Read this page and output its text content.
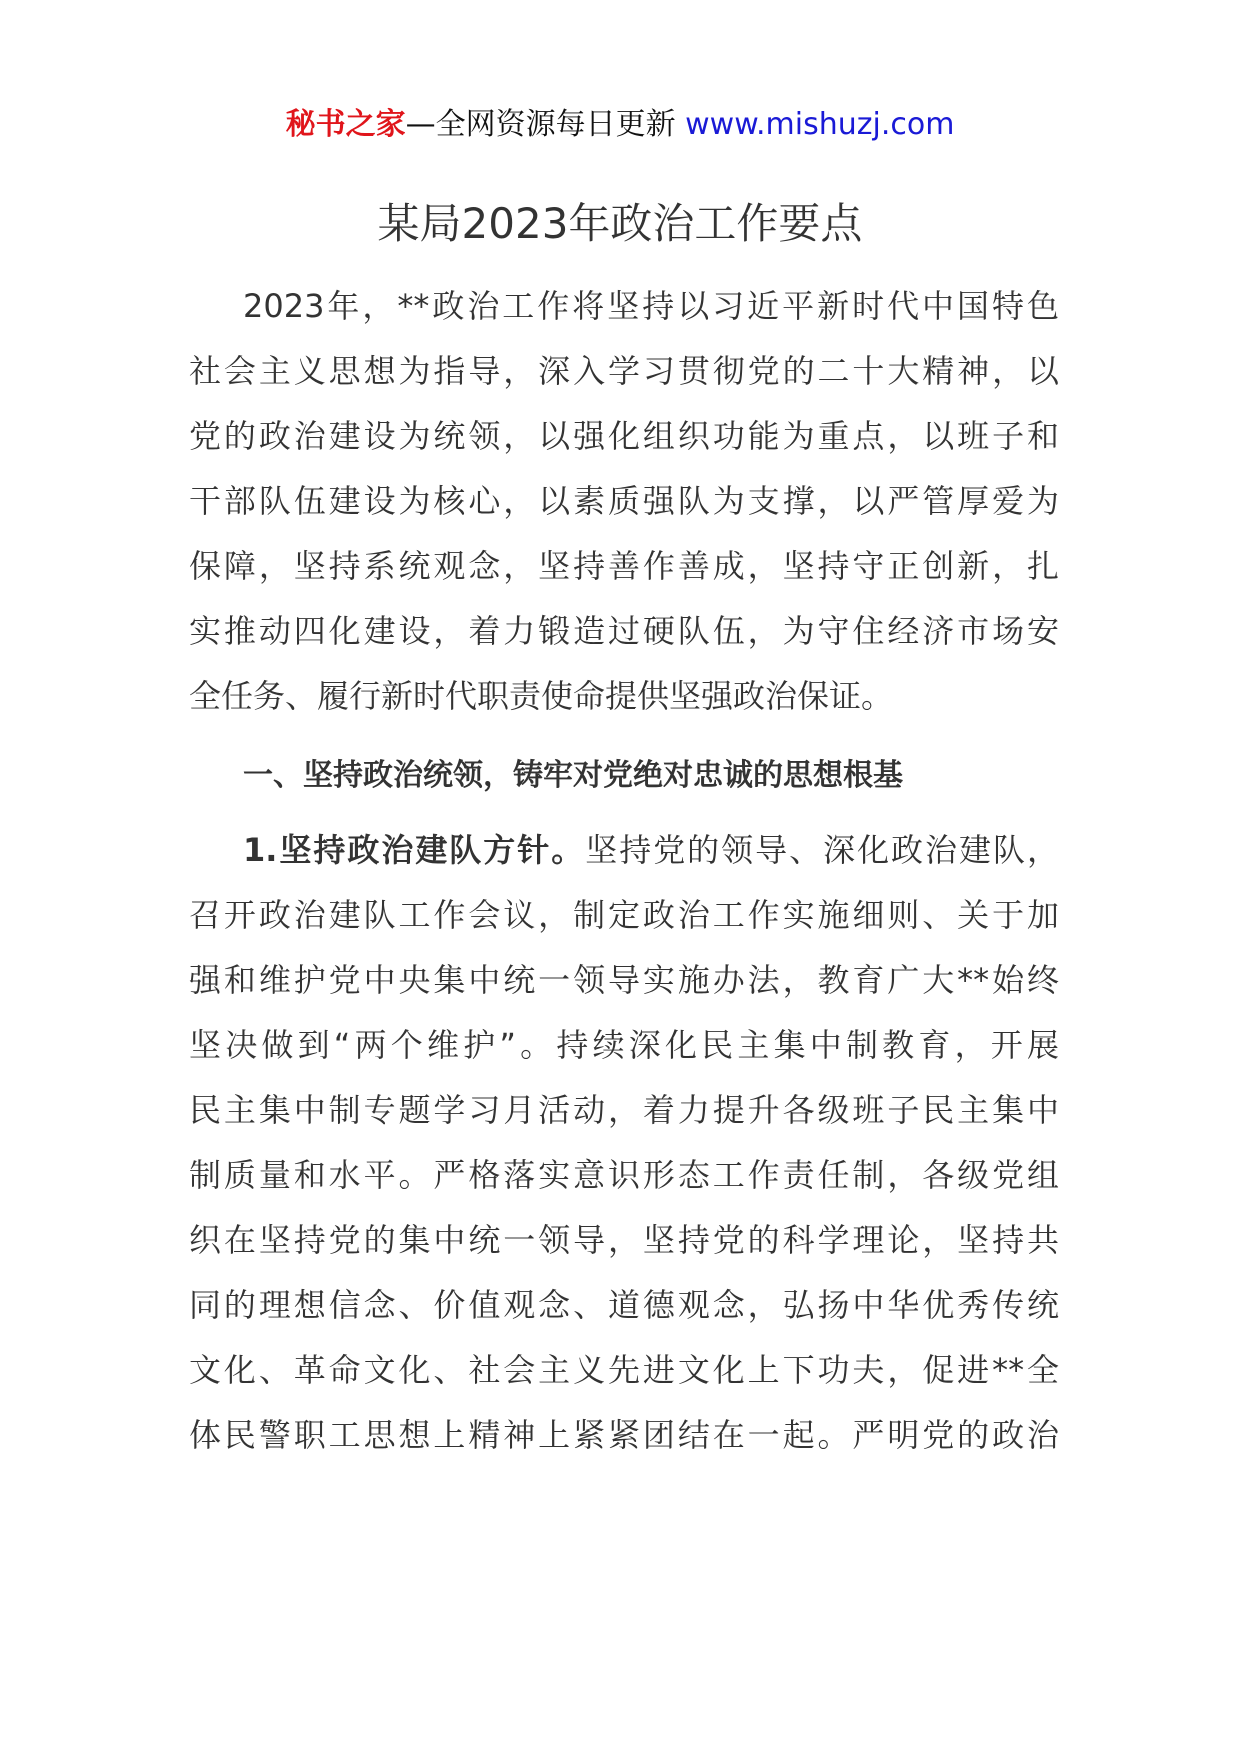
秘书之家—全网资源每日更新 www.mishuzj.com
某局2023年政治工作要点
2023年，**政治工作将坚持以习近平新时代中国特色
社会主义思想为指导，深入学习贯彻党的二十大精神，以
党的政治建设为统领，以强化组织功能为重点，以班子和
干部队伍建设为核心，以素质强队为支撑，以严管厚爱为
保障，坚持系统观念，坚持善作善成，坚持守正创新，扎
实推动四化建设，着力锻造过硬队伍，为守住经济市场安
全任务、履行新时代职责使命提供坚强政治保证。
一、坚持政治统领，铸牢对党绝对忠诚的思想根基
1.坚持政治建队方针。坚持党的领导、深化政治建队，
召开政治建队工作会议，制定政治工作实施细则、关于加
强和维护党中央集中统一领导实施办法，教育广大**始终
坚决做到“两个维护”。持续深化民主集中制教育，开展
民主集中制专题学习月活动，着力提升各级班子民主集中
制质量和水平。严格落实意识形态工作责任制，各级党组
织在坚持党的集中统一领导，坚持党的科学理论，坚持共
同的理想信念、价值观念、道德观念，弘扬中华优秀传统
文化、革命文化、社会主义先进文化上下功夫，促进**全
体民警职工思想上精神上紧紧团结在一起。严明党的政治
